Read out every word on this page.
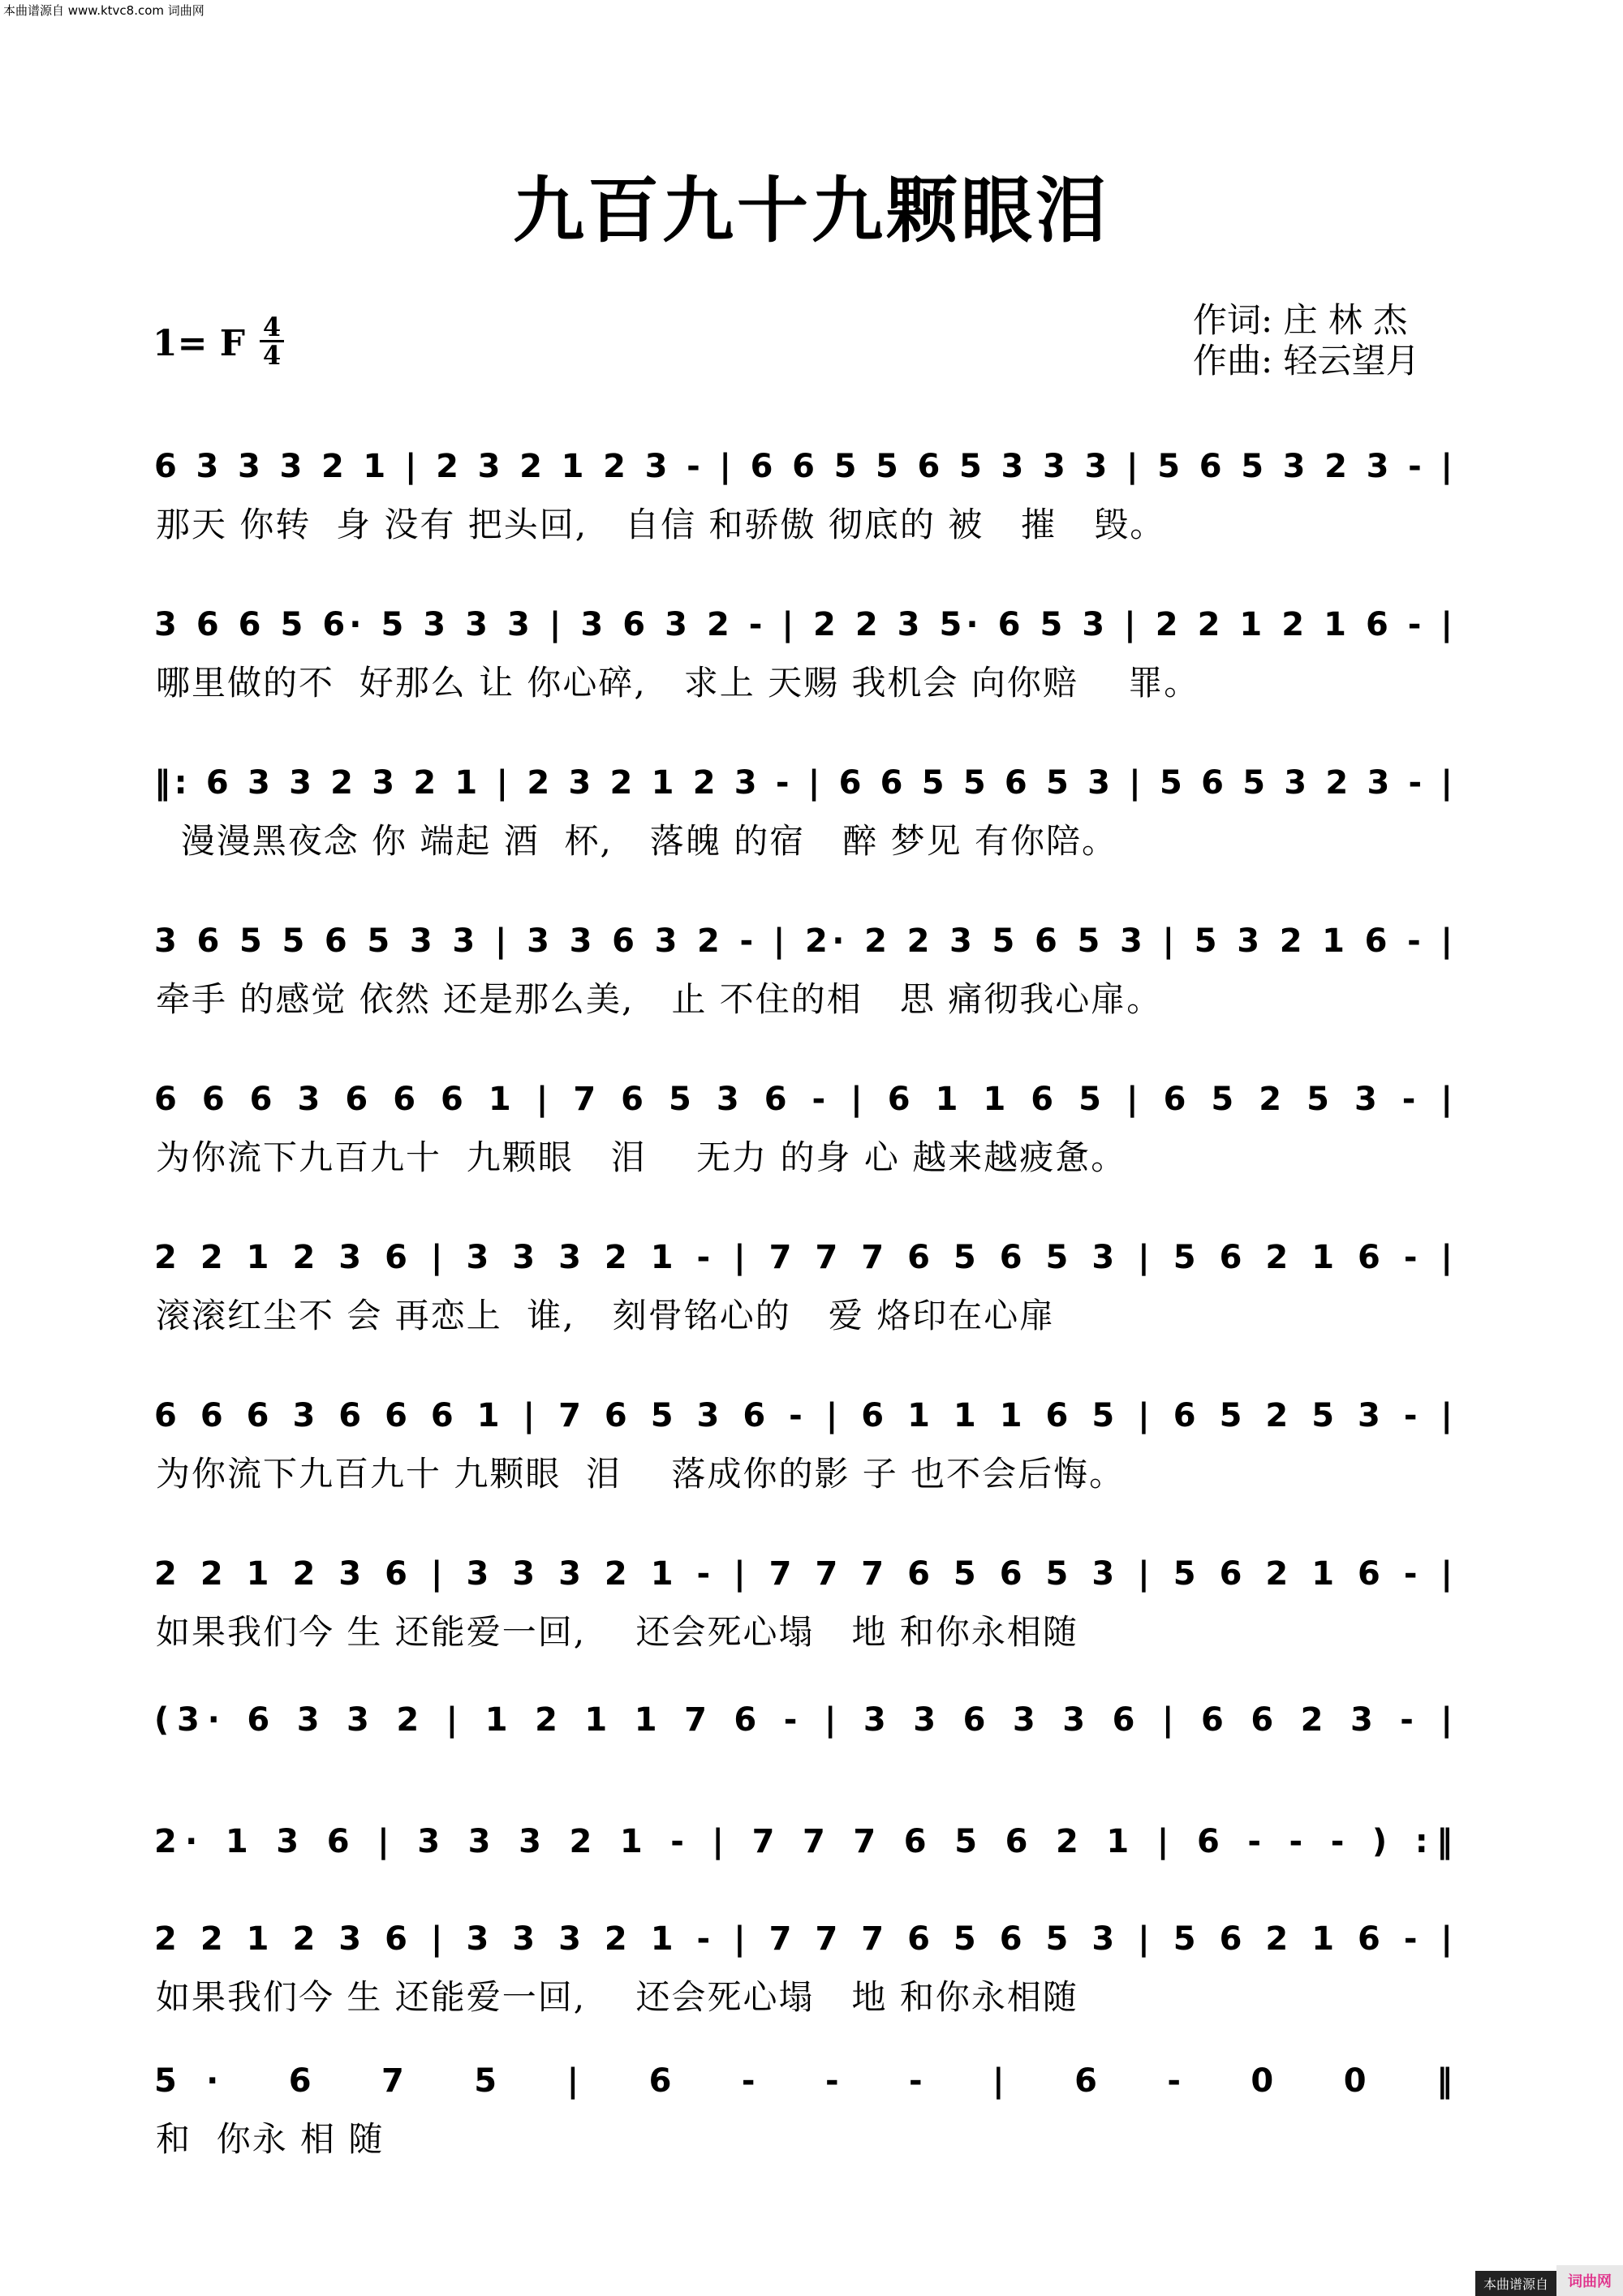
本曲谱源自 www.ktvc8.com 词曲网
九百九十九颗眼泪
作词: 庄 林 杰
作曲: 轻云望月
1= F 4
4
6 3 3 3 2 1 | 2 3 2 1 2 3 - | 6 6 5 5 6 5 3 3 3 | 5 6 5 3 2 3 - |
那天 你转  身 没有 把头回,   自信 和骄傲 彻底的 被   摧   毁。
3 6 6 5 6· 5 3 3 3 | 3 6 3 2 - | 2 2 3 5· 6 5 3 | 2 2 1 2 1 6 - |
哪里做的不  好那么 让 你心碎,   求上 天赐 我机会 向你赔    罪。
‖: 6 3 3 2 3 2 1 | 2 3 2 1 2 3 - | 6 6 5 5 6 5 3 | 5 6 5 3 2 3 - |
漫漫黑夜念 你 端起 酒  杯,   落魄 的宿   醉 梦见 有你陪。
3 6 5 5 6 5 3 3 | 3 3 6 3 2 - | 2· 2 2 3 5 6 5 3 | 5 3 2 1 6 - |
牵手 的感觉 依然 还是那么美,   止 不住的相   思 痛彻我心扉。
6 6 6 3 6 6 6 1 | 7 6 5 3 6 - | 6 1 1 6 5 | 6 5 2 5 3 - |
为你流下九百九十  九颗眼   泪    无力 的身 心 越来越疲惫。
2 2 1 2 3 6 | 3 3 3 2 1 - | 7 7 7 6 5 6 5 3 | 5 6 2 1 6 - |
滚滚红尘不 会 再恋上  谁,   刻骨铭心的   爱 烙印在心扉
6 6 6 3 6 6 6 1 | 7 6 5 3 6 - | 6 1 1 1 6 5 | 6 5 2 5 3 - |
为你流下九百九十 九颗眼  泪    落成你的影 子 也不会后悔。
2 2 1 2 3 6 | 3 3 3 2 1 - | 7 7 7 6 5 6 5 3 | 5 6 2 1 6 - |
如果我们今 生 还能爱一回,    还会死心塌   地 和你永相随
(3· 6 3 3 2 | 1 2 1 1 7 6 - | 3 3 6 3 3 6 | 6 6 2 3 - |
2· 1 3 6 | 3 3 3 2 1 - | 7 7 7 6 5 6 2 1 | 6 - - - ) :‖
2 2 1 2 3 6 | 3 3 3 2 1 - | 7 7 7 6 5 6 5 3 | 5 6 2 1 6 - |
如果我们今 生 还能爱一回,    还会死心塌   地 和你永相随
5· 6 7 5 | 6 - - - | 6 - 0 0 ‖
和  你永 相 随
本曲谱源自	词曲网
